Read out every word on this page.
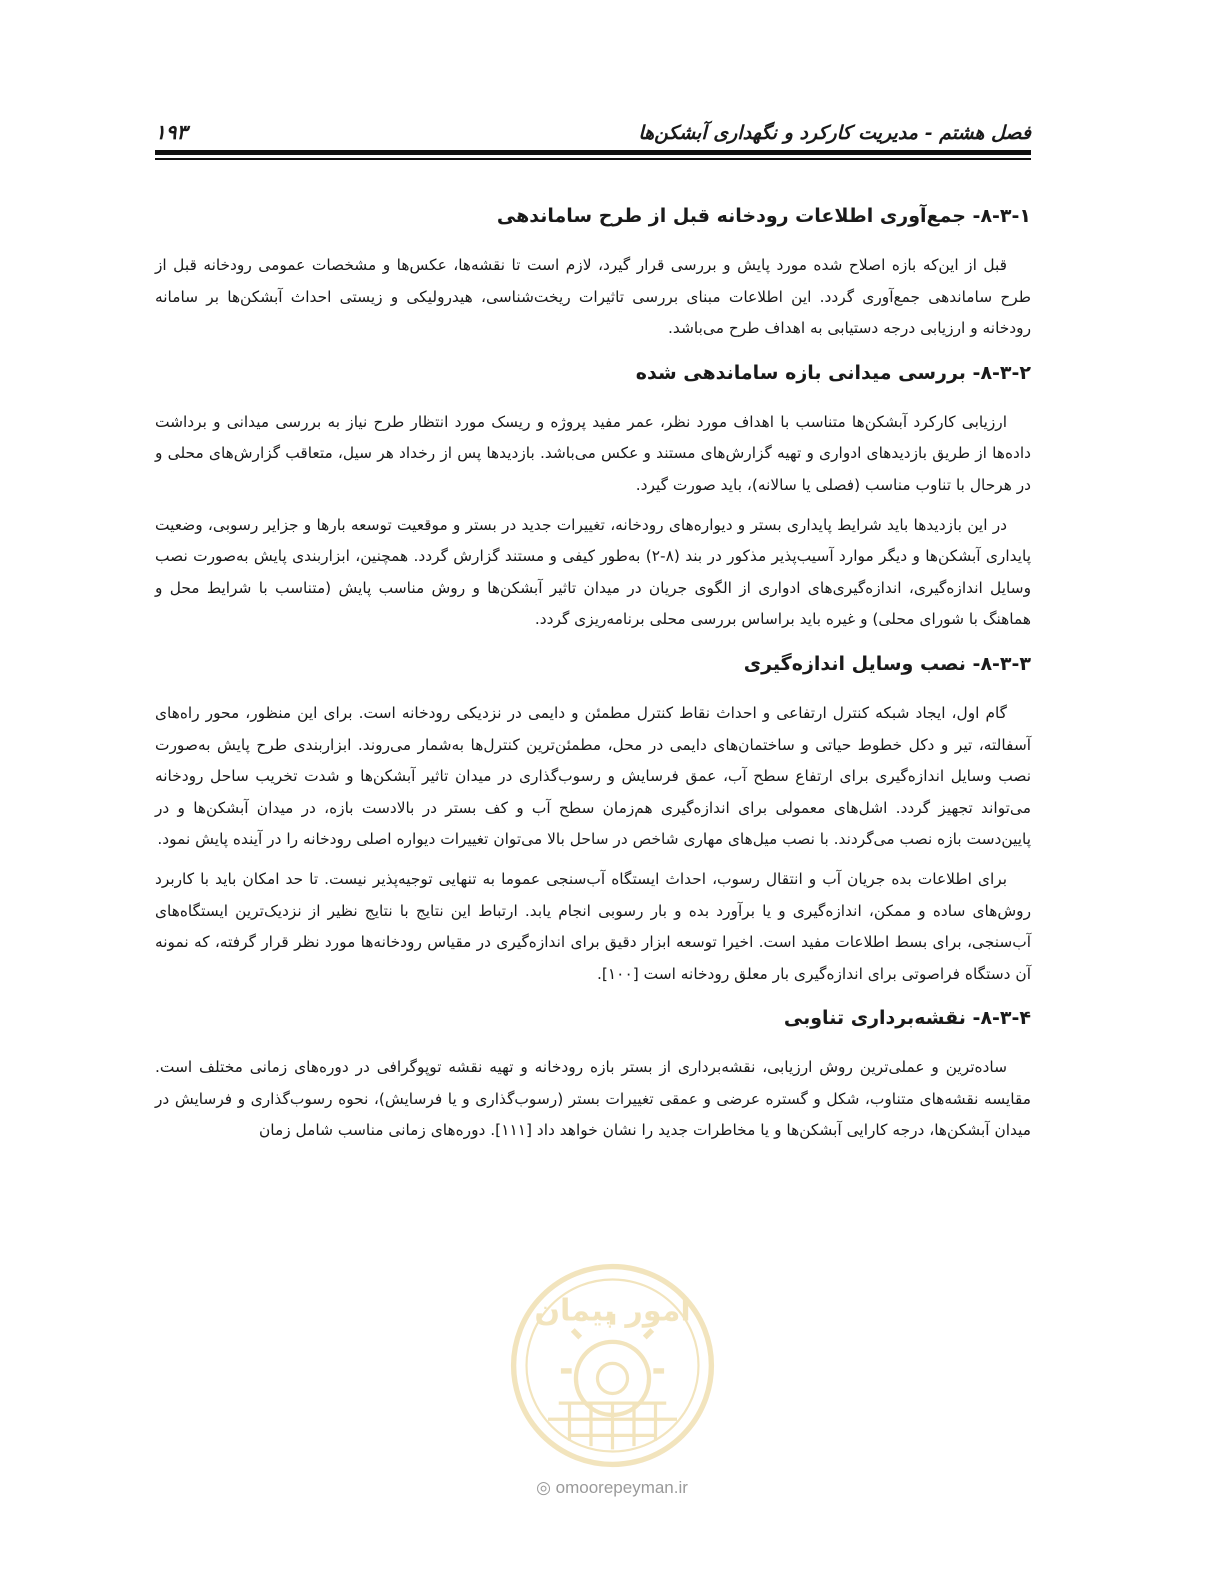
فصل هشتم - مدیریت کارکرد و نگهداری آبشکن‌ها
۱۹۳
۸-۳-۱- جمع‌آوری اطلاعات رودخانه قبل از طرح ساماندهی

قبل از این‌که بازه اصلاح شده مورد پایش و بررسی قرار گیرد، لازم است تا نقشه‌ها، عکس‌ها و مشخصات عمومی رودخانه قبل از طرح ساماندهی جمع‌آوری گردد. این اطلاعات مبنای بررسی تاثیرات ریخت‌شناسی، هیدرولیکی و زیستی احداث آبشکن‌ها بر سامانه رودخانه و ارزیابی درجه دستیابی به اهداف طرح می‌باشد.

۸-۳-۲- بررسی میدانی بازه ساماندهی شده

ارزیابی کارکرد آبشکن‌ها متناسب با اهداف مورد نظر، عمر مفید پروژه و ریسک مورد انتظار طرح نیاز به بررسی میدانی و برداشت داده‌ها از طریق بازدیدهای ادواری و تهیه گزارش‌های مستند و عکس می‌باشد. بازدیدها پس از رخداد هر سیل، متعاقب گزارش‌های محلی و در هرحال با تناوب مناسب (فصلی یا سالانه)، باید صورت گیرد.

در این بازدیدها باید شرایط پایداری بستر و دیواره‌های رودخانه، تغییرات جدید در بستر و موقعیت توسعه بارها و جزایر رسوبی، وضعیت پایداری آبشکن‌ها و دیگر موارد آسیب‌پذیر مذکور در بند (۸-۲) به‌طور کیفی و مستند گزارش گردد. همچنین، ابزاربندی پایش به‌صورت نصب وسایل اندازه‌گیری، اندازه‌گیری‌های ادواری از الگوی جریان در میدان تاثیر آبشکن‌ها و روش مناسب پایش (متناسب با شرایط محل و هماهنگ با شورای محلی) و غیره باید براساس بررسی محلی برنامه‌ریزی گردد.

۸-۳-۳- نصب وسایل اندازه‌گیری

گام اول، ایجاد شبکه کنترل ارتفاعی و احداث نقاط کنترل مطمئن و دایمی در نزدیکی رودخانه است. برای این منظور، محور راه‌های آسفالته، تیر و دکل خطوط حیاتی و ساختمان‌های دایمی در محل، مطمئن‌ترین کنترل‌ها به‌شمار می‌روند. ابزاربندی طرح پایش به‌صورت نصب وسایل اندازه‌گیری برای ارتفاع سطح آب، عمق فرسایش و رسوب‌گذاری در میدان تاثیر آبشکن‌ها و شدت تخریب ساحل رودخانه می‌تواند تجهیز گردد. اشل‌های معمولی برای اندازه‌گیری هم‌زمان سطح آب و کف بستر در بالادست بازه، در میدان آبشکن‌ها و در پایین‌دست بازه نصب می‌گردند. با نصب میل‌های مهاری شاخص در ساحل بالا می‌توان تغییرات دیواره اصلی رودخانه را در آینده پایش نمود.

برای اطلاعات بده جریان آب و انتقال رسوب، احداث ایستگاه آب‌سنجی عموما به تنهایی توجیه‌پذیر نیست. تا حد امکان باید با کاربرد روش‌های ساده و ممکن، اندازه‌گیری و یا برآورد بده و بار رسوبی انجام یابد. ارتباط این نتایج با نتایج نظیر از نزدیک‌ترین ایستگاه‌های آب‌سنجی، برای بسط اطلاعات مفید است. اخیرا توسعه ابزار دقیق برای اندازه‌گیری در مقیاس رودخانه‌ها مورد نظر قرار گرفته، که نمونه آن دستگاه فراصوتی برای اندازه‌گیری بار معلق رودخانه است [۱۰۰].

۸-۳-۴- نقشه‌برداری تناوبی

ساده‌ترین و عملی‌ترین روش ارزیابی، نقشه‌برداری از بستر بازه رودخانه و تهیه نقشه توپوگرافی در دوره‌های زمانی مختلف است. مقایسه نقشه‌های متناوب، شکل و گستره عرضی و عمقی تغییرات بستر (رسوب‌گذاری و یا فرسایش)، نحوه رسوب‌گذاری و فرسایش در میدان آبشکن‌ها، درجه کارایی آبشکن‌ها و یا مخاطرات جدید را نشان خواهد داد [۱۱۱]. دوره‌های زمانی مناسب شامل زمان

امور پیمان
◎ omoorepeyman.ir
